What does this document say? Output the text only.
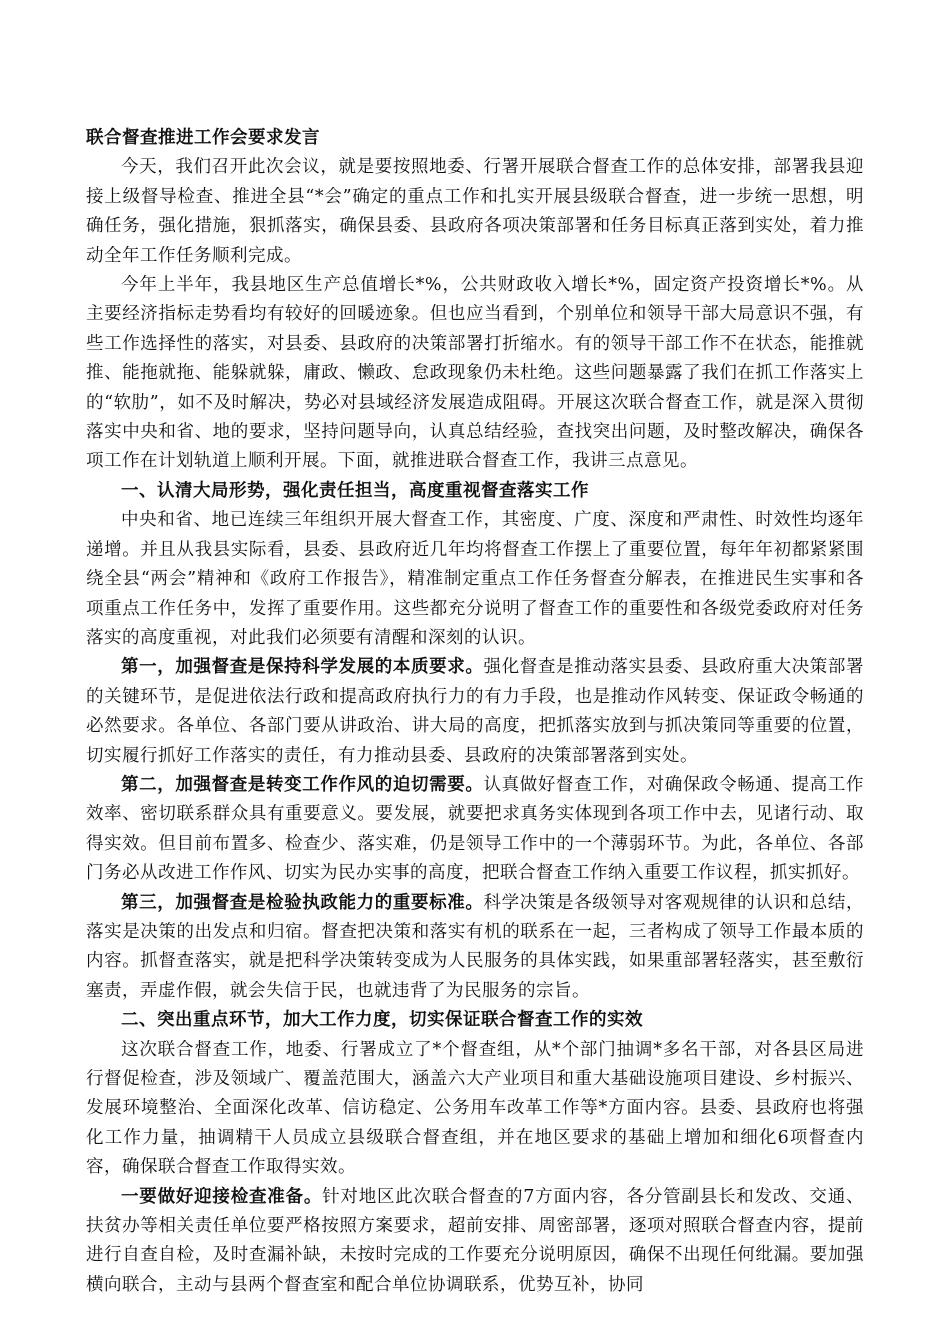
联合督查推进工作会要求发言

今天，我们召开此次会议，就是要按照地委、行署开展联合督查工作的总体安排，部署我县迎接上级督导检查、推进全县“*会”确定的重点工作和扎实开展县级联合督查，进一步统一思想，明确任务，强化措施，狠抓落实，确保县委、县政府各项决策部署和任务目标真正落到实处，着力推动全年工作任务顺利完成。

今年上半年，我县地区生产总值增长*%，公共财政收入增长*%，固定资产投资增长*%。从主要经济指标走势看均有较好的回暖迹象。但也应当看到，个别单位和领导干部大局意识不强，有些工作选择性的落实，对县委、县政府的决策部署打折缩水。有的领导干部工作不在状态，能推就推、能拖就拖、能躲就躲，庸政、懒政、怠政现象仍未杜绝。这些问题暴露了我们在抓工作落实上的“软肋”，如不及时解决，势必对县域经济发展造成阻碍。开展这次联合督查工作，就是深入贯彻落实中央和省、地的要求，坚持问题导向，认真总结经验，查找突出问题，及时整改解决，确保各项工作在计划轨道上顺利开展。下面，就推进联合督查工作，我讲三点意见。

一、认清大局形势，强化责任担当，高度重视督查落实工作

中央和省、地已连续三年组织开展大督查工作，其密度、广度、深度和严肃性、时效性均逐年递增。并且从我县实际看，县委、县政府近几年均将督查工作摆上了重要位置，每年年初都紧紧围绕全县“两会”精神和《政府工作报告》，精准制定重点工作任务督查分解表，在推进民生实事和各项重点工作任务中，发挥了重要作用。这些都充分说明了督查工作的重要性和各级党委政府对任务落实的高度重视，对此我们必须要有清醒和深刻的认识。

第一，加强督查是保持科学发展的本质要求。强化督查是推动落实县委、县政府重大决策部署的关键环节，是促进依法行政和提高政府执行力的有力手段，也是推动作风转变、保证政令畅通的必然要求。各单位、各部门要从讲政治、讲大局的高度，把抓落实放到与抓决策同等重要的位置，切实履行抓好工作落实的责任，有力推动县委、县政府的决策部署落到实处。

第二，加强督查是转变工作作风的迫切需要。认真做好督查工作，对确保政令畅通、提高工作效率、密切联系群众具有重要意义。要发展，就要把求真务实体现到各项工作中去，见诸行动、取得实效。但目前布置多、检查少、落实难，仍是领导工作中的一个薄弱环节。为此，各单位、各部门务必从改进工作作风、切实为民办实事的高度，把联合督查工作纳入重要工作议程，抓实抓好。

第三，加强督查是检验执政能力的重要标准。科学决策是各级领导对客观规律的认识和总结，落实是决策的出发点和归宿。督查把决策和落实有机的联系在一起，三者构成了领导工作最本质的内容。抓督查落实，就是把科学决策转变成为人民服务的具体实践，如果重部署轻落实，甚至敷衍塞责，弄虚作假，就会失信于民，也就违背了为民服务的宗旨。

二、突出重点环节，加大工作力度，切实保证联合督查工作的实效

这次联合督查工作，地委、行署成立了*个督查组，从*个部门抽调*多名干部，对各县区局进行督促检查，涉及领域广、覆盖范围大，涵盖六大产业项目和重大基础设施项目建设、乡村振兴、发展环境整治、全面深化改革、信访稳定、公务用车改革工作等*方面内容。县委、县政府也将强化工作力量，抽调精干人员成立县级联合督查组，并在地区要求的基础上增加和细化6项督查内容，确保联合督查工作取得实效。

一要做好迎接检查准备。针对地区此次联合督查的7方面内容，各分管副县长和发改、交通、扶贫办等相关责任单位要严格按照方案要求，超前安排、周密部署，逐项对照联合督查内容，提前进行自查自检，及时查漏补缺，未按时完成的工作要充分说明原因，确保不出现任何纰漏。要加强横向联合，主动与县两个督查室和配合单位协调联系，优势互补，协同
